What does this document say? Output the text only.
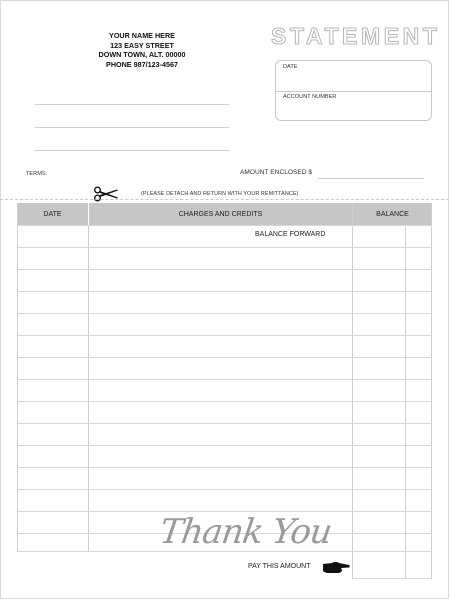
YOUR NAME HERE
123 EASY STREET
DOWN TOWN, ALT. 00000
PHONE 987/123-4567
STATEMENT
DATE
ACCOUNT NUMBER
TERMS:	AMOUNT ENCLOSED $
(PLEASE DETACH AND RETURN WITH YOUR REMITTANCE)
DATE	CHARGES AND CREDITS	BALANCE
BALANCE FORWARD
Thank You
PAY THIS AMOUNT
